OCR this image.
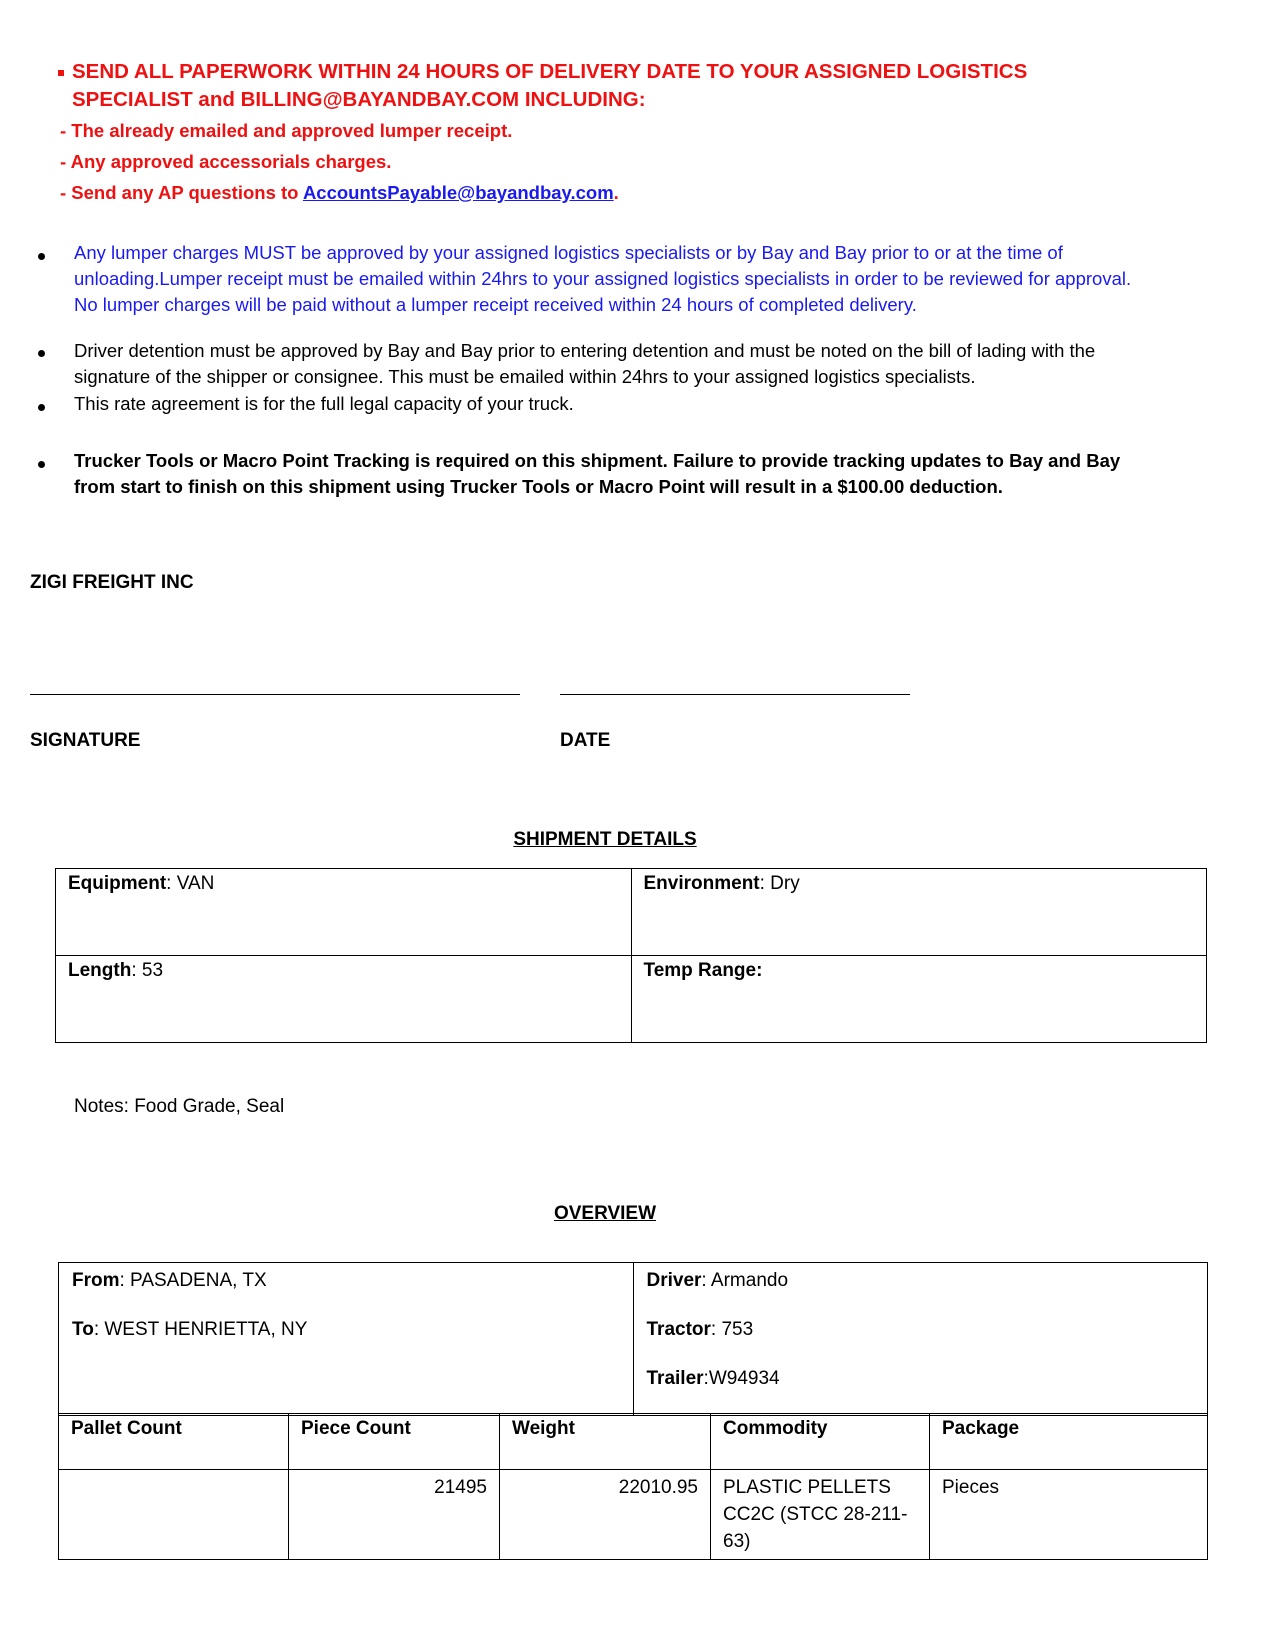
SEND ALL PAPERWORK WITHIN 24 HOURS OF DELIVERY DATE TO YOUR ASSIGNED LOGISTICS SPECIALIST and BILLING@BAYANDBAY.COM INCLUDING:
- The already emailed and approved lumper receipt.
- Any approved accessorials charges.
- Send any AP questions to AccountsPayable@bayandbay.com.
Any lumper charges MUST be approved by your assigned logistics specialists or by Bay and Bay prior to or at the time of unloading.Lumper receipt must be emailed within 24hrs to your assigned logistics specialists in order to be reviewed for approval. No lumper charges will be paid without a lumper receipt received within 24 hours of completed delivery.
Driver detention must be approved by Bay and Bay prior to entering detention and must be noted on the bill of lading with the signature of the shipper or consignee. This must be emailed within 24hrs to your assigned logistics specialists.
This rate agreement is for the full legal capacity of your truck.
Trucker Tools or Macro Point Tracking is required on this shipment. Failure to provide tracking updates to Bay and Bay from start to finish on this shipment using Trucker Tools or Macro Point will result in a $100.00 deduction.
ZIGI FREIGHT INC
SIGNATURE	DATE
SHIPMENT DETAILS
Equipment: VAN	Environment: Dry
Length: 53	Temp Range:
Notes: Food Grade, Seal
OVERVIEW
From: PASADENA, TX
To: WEST HENRIETTA, NY

Driver: Armando
Tractor: 753
Trailer:W94934
Pallet Count	Piece Count	Weight	Commodity	Package
	21495	22010.95	PLASTIC PELLETS
CC2C (STCC 28-211-
63)	Pieces
